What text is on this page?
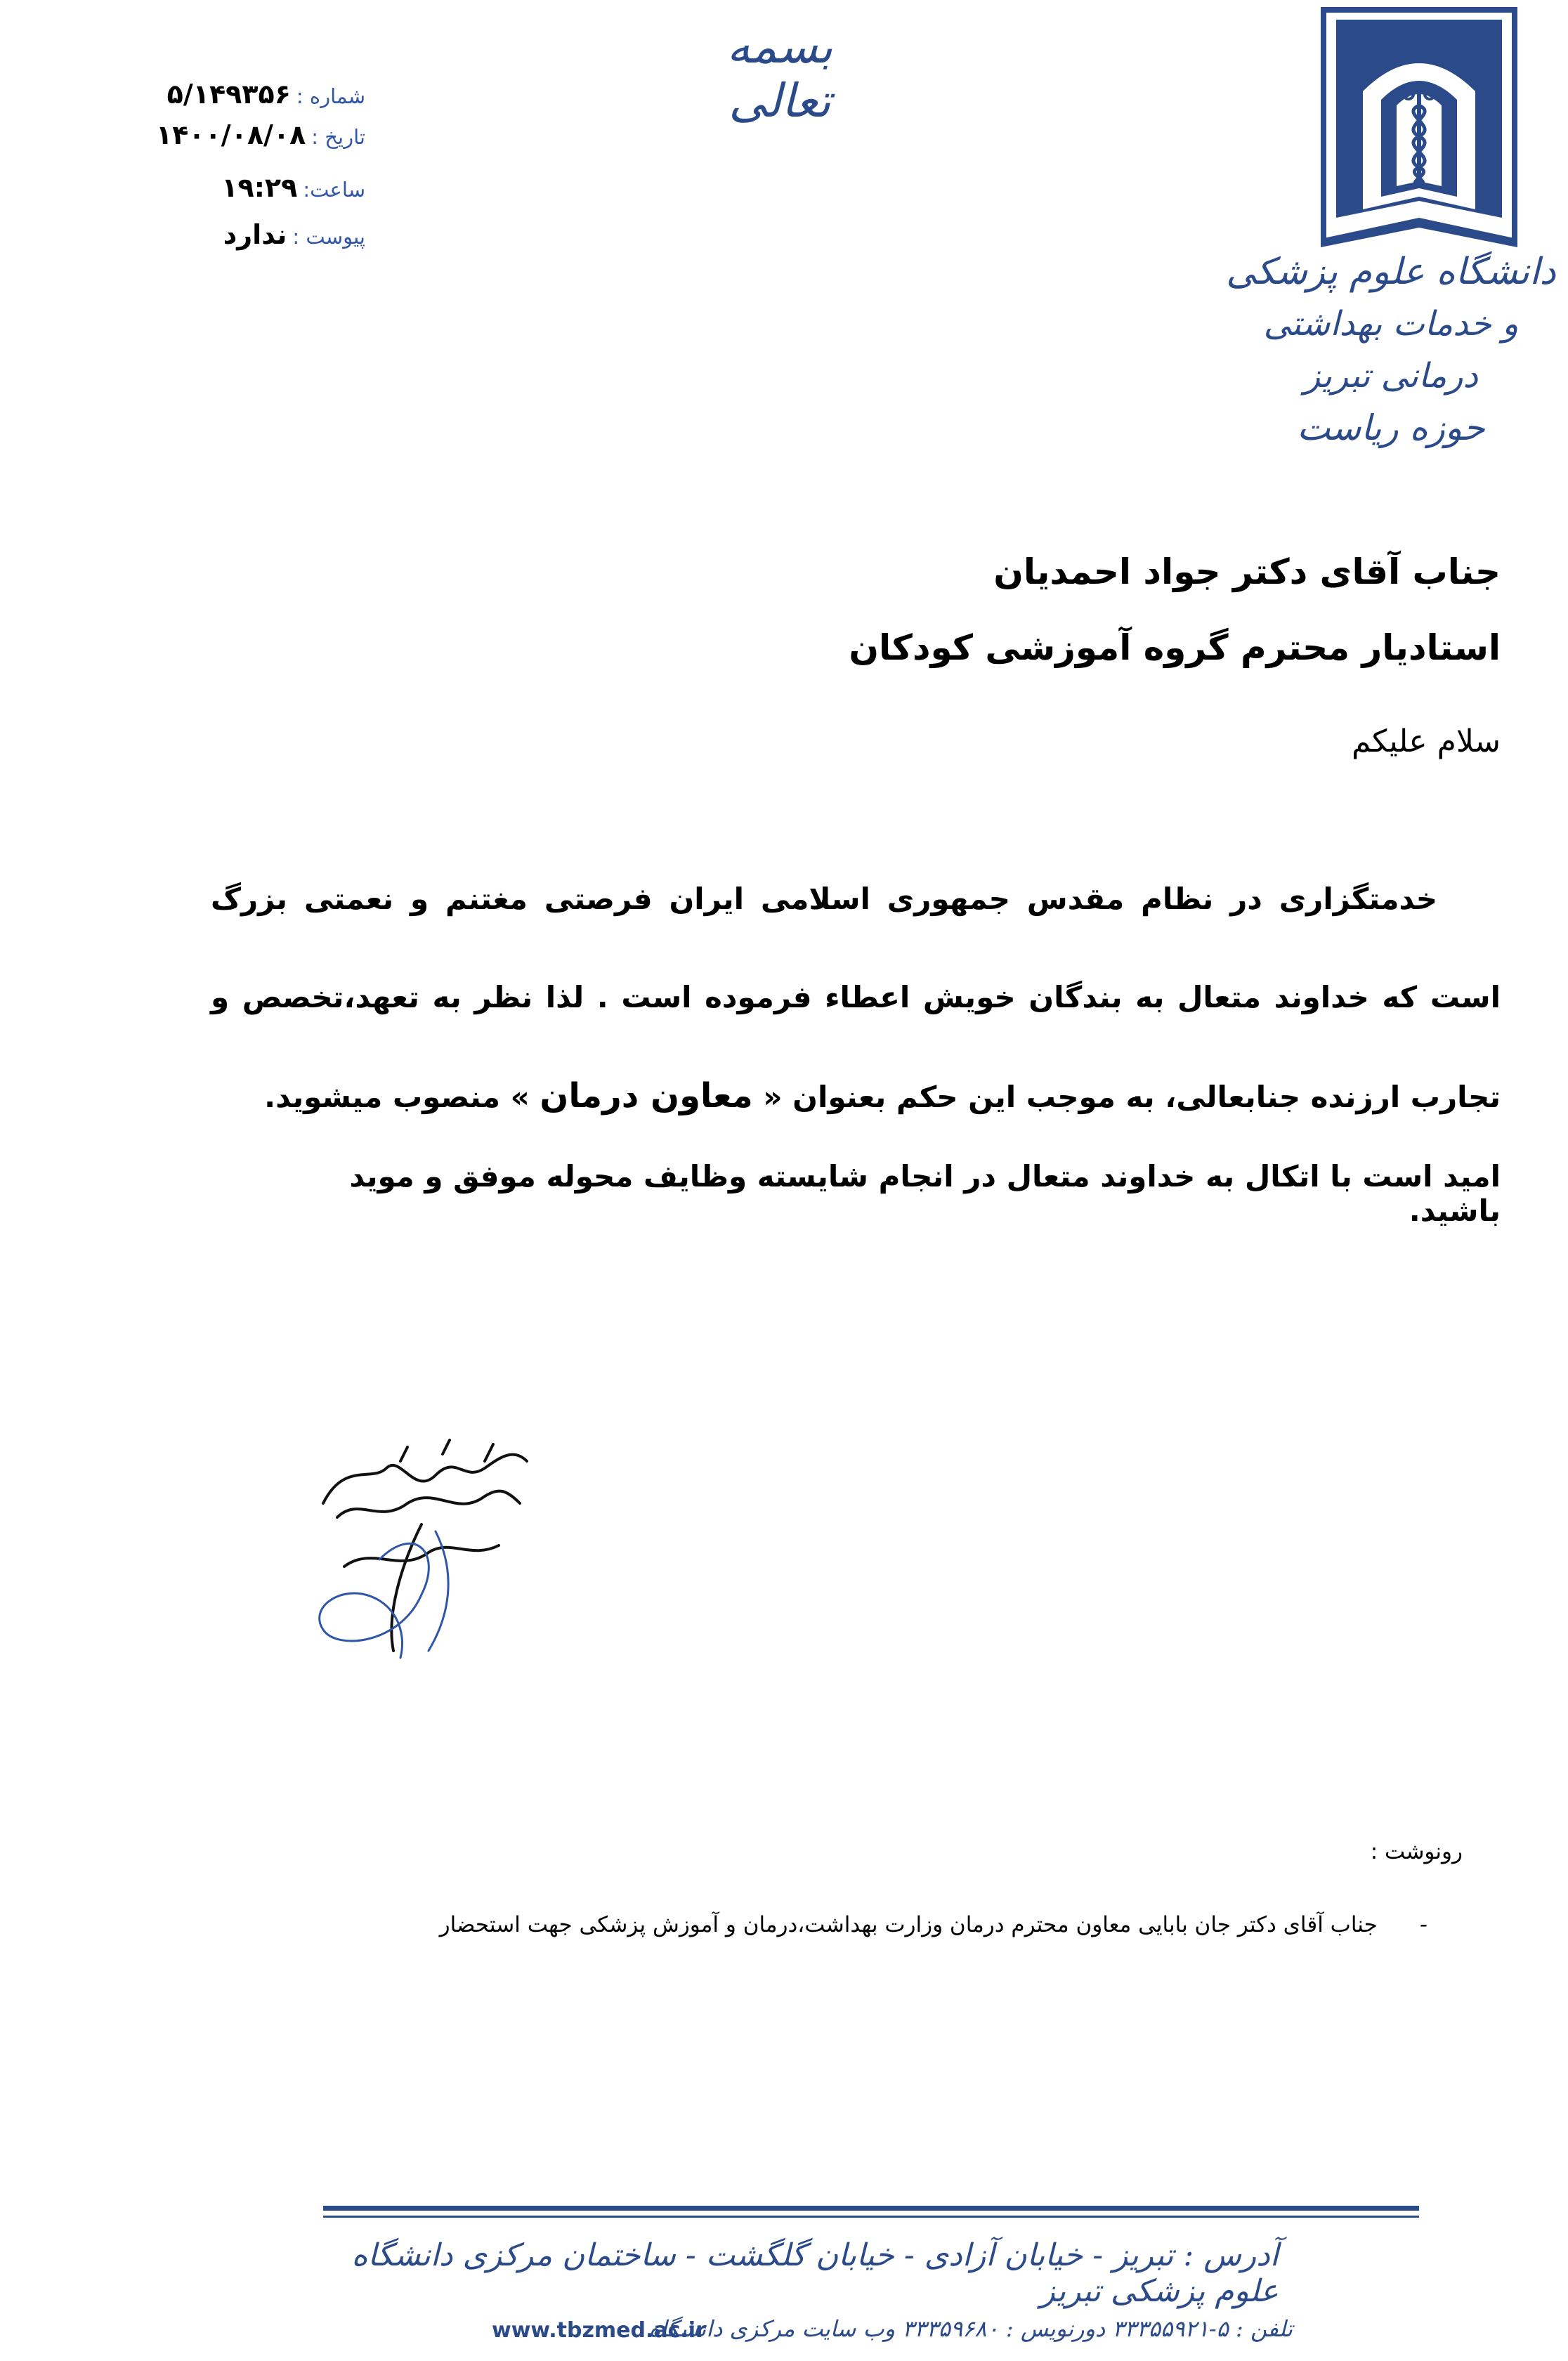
بسمه تعالی
شماره :
۵/۱۴۹۳۵۶
تاریخ :
۱۴۰۰/۰۸/۰۸
ساعت:
۱۹:۲۹
پیوست :
ندارد
دانشگاه علوم پزشکی
و خدمات بهداشتی درمانی تبریز
حوزه ریاست
جناب آقای دکتر جواد احمدیان
استادیار محترم گروه آموزشی کودکان
سلام علیکم

خدمتگزاری در نظام مقدس جمهوری اسلامی ایران فرصتی مغتنم و نعمتی بزرگ است که خداوند متعال به بندگان خویش اعطاء فرموده است . لذا نظر به تعهد،تخصص و تجارب ارزنده جنابعالی، به موجب این حکم بعنوان « معاون درمان » منصوب میشوید.

امید است با اتکال به خداوند متعال در انجام شایسته وظایف محوله موفق و موید باشید.
رونوشت :
-
جناب آقای دکتر جان بابایی معاون محترم درمان وزارت بهداشت،درمان و آموزش پزشکی جهت استحضار
آدرس : تبریز - خیابان آزادی - خیابان گلگشت - ساختمان مرکزی دانشگاه علوم پزشکی تبریز
تلفن : ۵-۳۳۳۵۵۹۲۱ دورنویس : ۳۳۳۵۹۶۸۰ وب سایت مرکزی دانشگاه
www.tbzmed.ac.ir
